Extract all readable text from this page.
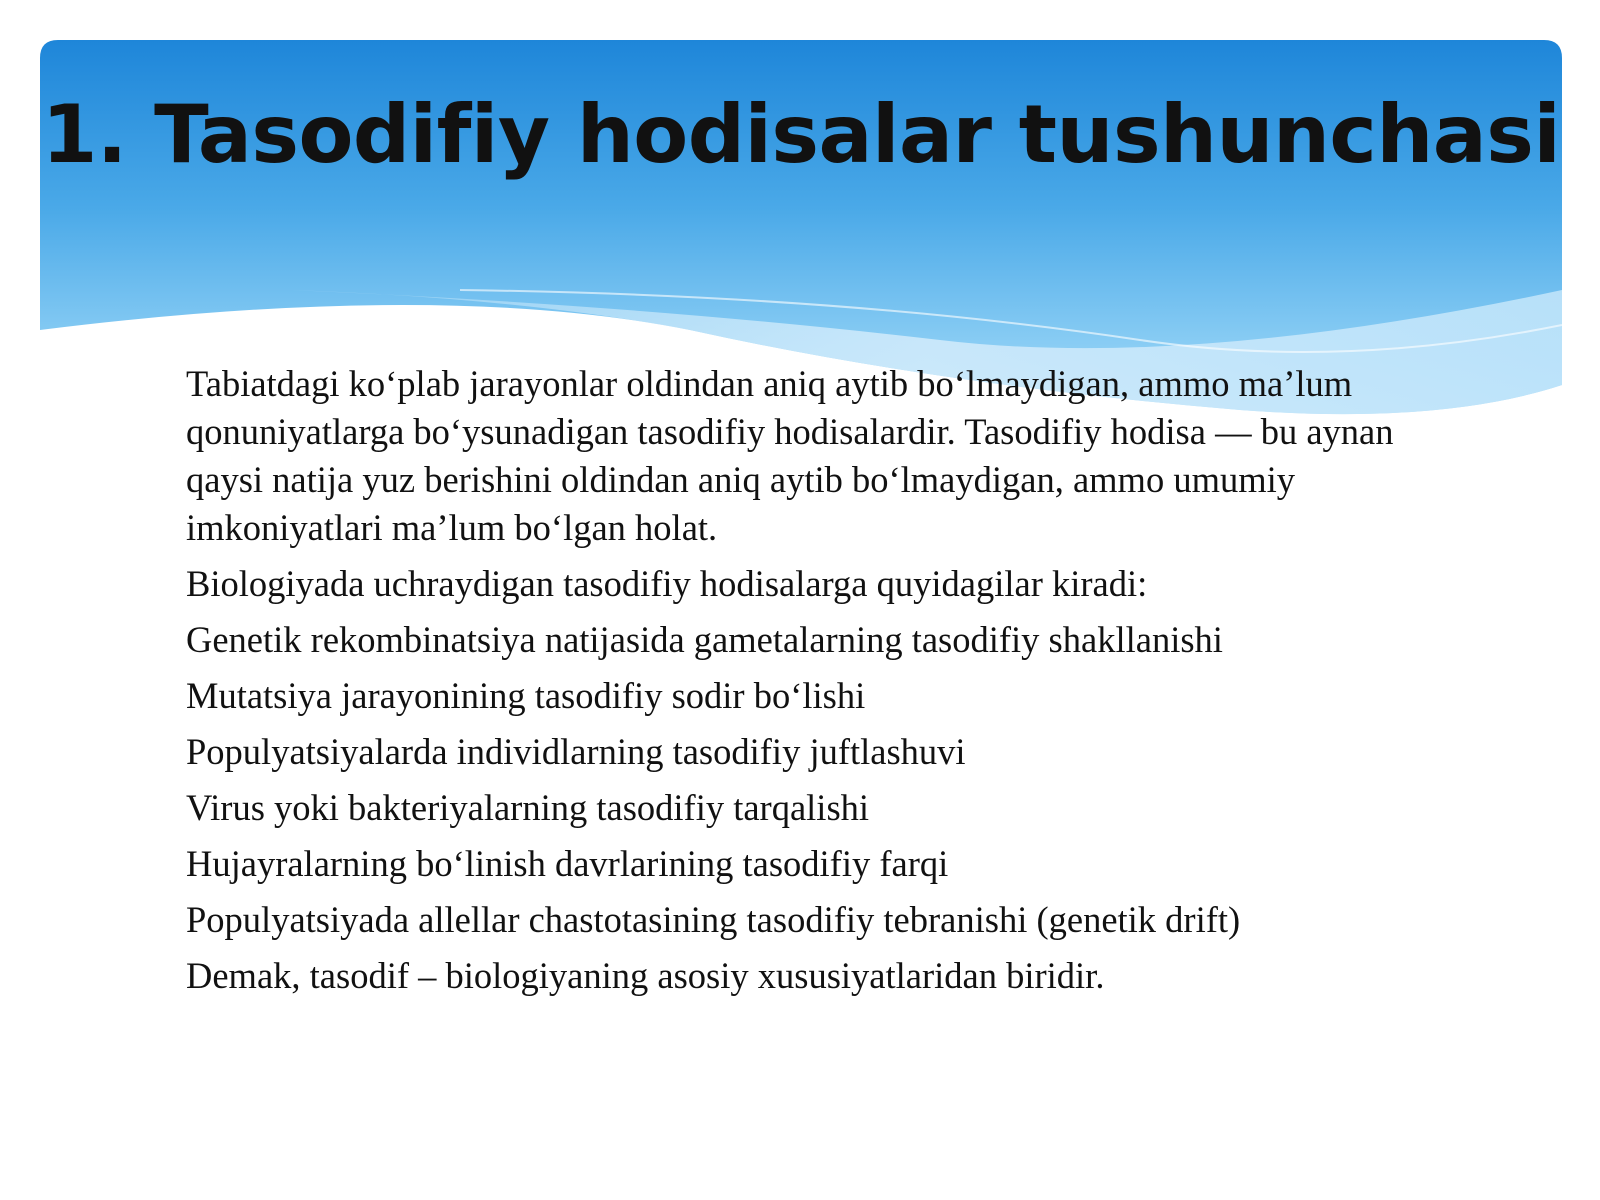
1. Tasodifiy hodisalar tushunchasi

Tabiatdagi ko‘plab jarayonlar oldindan aniq aytib bo‘lmaydigan, ammo ma’lum qonuniyatlarga bo‘ysunadigan tasodifiy hodisalardir. Tasodifiy hodisa — bu aynan qaysi natija yuz berishini oldindan aniq aytib bo‘lmaydigan, ammo umumiy imkoniyatlari ma’lum bo‘lgan holat.

Biologiyada uchraydigan tasodifiy hodisalarga quyidagilar kiradi:

Genetik rekombinatsiya natijasida gametalarning tasodifiy shakllanishi

Mutatsiya jarayonining tasodifiy sodir bo‘lishi

Populyatsiyalarda individlarning tasodifiy juftlashuvi

Virus yoki bakteriyalarning tasodifiy tarqalishi

Hujayralarning bo‘linish davrlarining tasodifiy farqi

Populyatsiyada allellar chastotasining tasodifiy tebranishi (genetik drift)

Demak, tasodif – biologiyaning asosiy xususiyatlaridan biridir.
